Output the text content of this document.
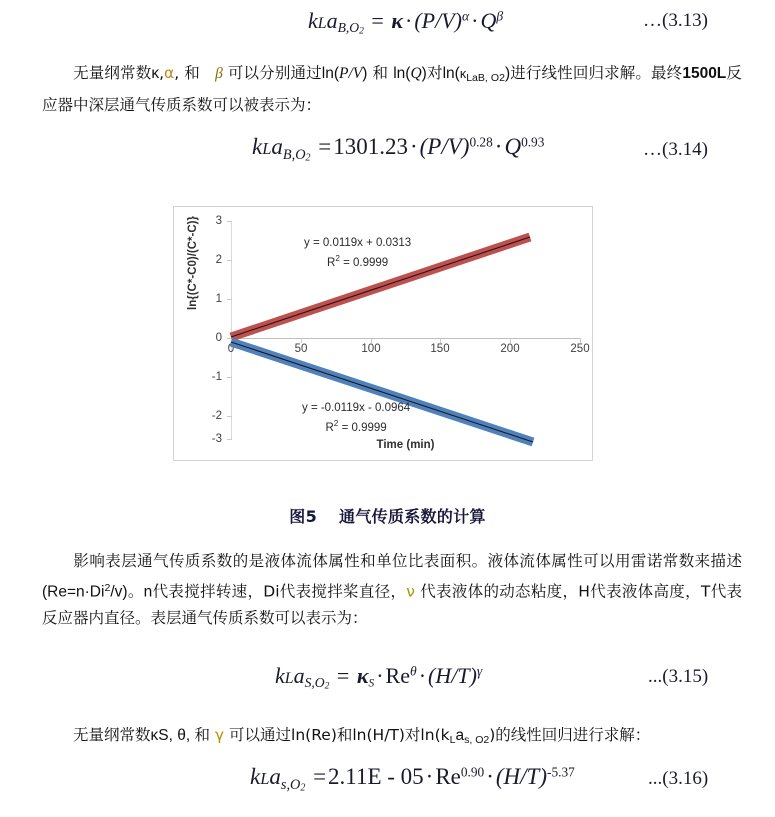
$kLa_{B,O2} = \kappa\cdot(P/V)^\alpha\cdot Q^\beta$	…(3.13)
无量纲常数κ,α, 和 β 可以分别通过ln(P/V) 和 ln(Q)对ln(κLaB, O2)进行线性回归求解。最终1500L反应器中深层通气传质系数可以被表示为：
$kLa_{B,O2} =1301.23\cdot(P/V)^{0.28}\cdot Q^{0.93}$	…(3.14)
3
2
1
0
-1
-2
-3
0	50	100	150	200	250
y = 0.0119x + 0.0313
$R^2 = 0.9999$
y = -0.0119x - 0.0964
$R^2 = 0.9999$
Time (min)
ln{(C*-C0)/(C*-C)}
图5 通气传质系数的计算
影响表层通气传质系数的是液体流体属性和单位比表面积。液体流体属性可以用雷诺常数来描述$(Re=n\cdot Di^2/v)$。n代表搅拌转速，Di代表搅拌桨直径，ν 代表液体的动态粘度，H代表液体高度，T代表反应器内直径。表层通气传质系数可以表示为：
$kLa_{S,O2} = \kappa S\cdot Re^\theta\cdot(H/T)^\gamma$	...(3.15)
无量纲常数κS, θ, 和 γ 可以通过ln(Re)和ln(H/T)对ln(kLas, O2)的线性回归进行求解：
$kLa_{s,O2} =2.11E - 05\cdot Re^{0.90}\cdot(H/T)^{-5.37}$	...(3.16)
